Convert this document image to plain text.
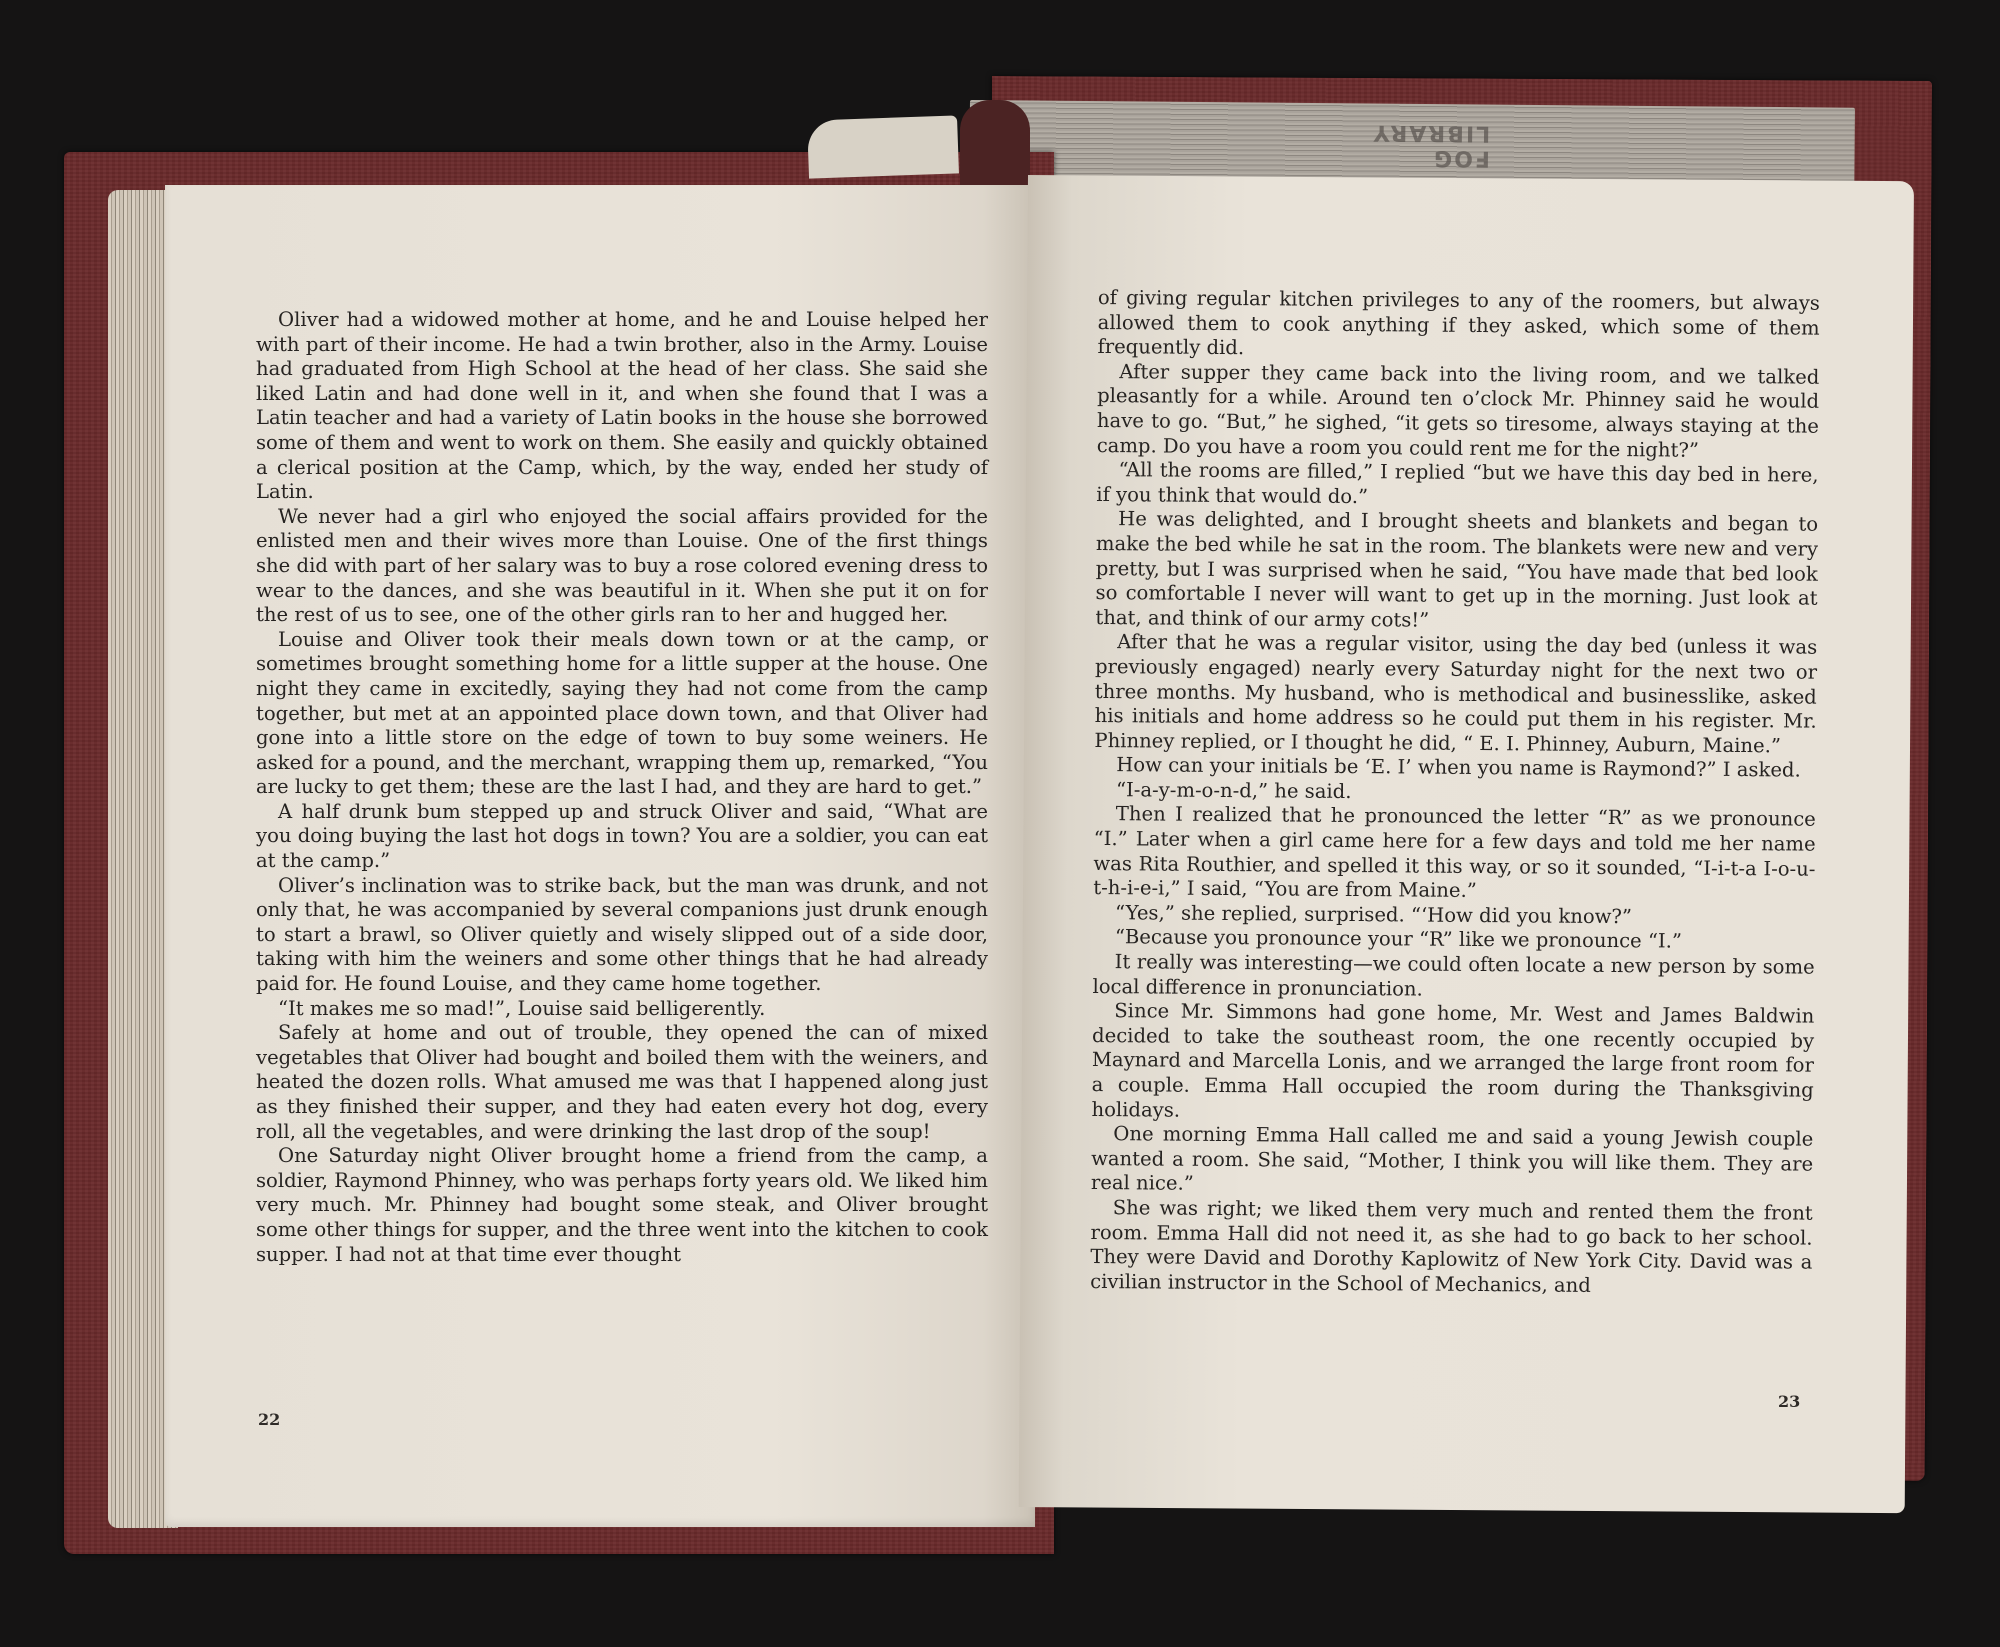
FOG LIBRARY

Oliver had a widowed mother at home, and he and Louise helped her with part of their income. He had a twin brother, also in the Army. Louise had graduated from High School at the head of her class. She said she liked Latin and had done well in it, and when she found that I was a Latin teacher and had a variety of Latin books in the house she borrowed some of them and went to work on them. She easily and quickly obtained a clerical position at the Camp, which, by the way, ended her study of Latin.

We never had a girl who enjoyed the social affairs provided for the enlisted men and their wives more than Louise. One of the first things she did with part of her salary was to buy a rose colored evening dress to wear to the dances, and she was beautiful in it. When she put it on for the rest of us to see, one of the other girls ran to her and hugged her.

Louise and Oliver took their meals down town or at the camp, or sometimes brought something home for a little supper at the house. One night they came in excitedly, saying they had not come from the camp together, but met at an appointed place down town, and that Oliver had gone into a little store on the edge of town to buy some weiners. He asked for a pound, and the merchant, wrapping them up, remarked, “You are lucky to get them; these are the last I had, and they are hard to get.”

A half drunk bum stepped up and struck Oliver and said, “What are you doing buying the last hot dogs in town? You are a soldier, you can eat at the camp.”

Oliver’s inclination was to strike back, but the man was drunk, and not only that, he was accompanied by several companions just drunk enough to start a brawl, so Oliver quietly and wisely slipped out of a side door, taking with him the weiners and some other things that he had already paid for. He found Louise, and they came home together.

“It makes me so mad!”, Louise said belligerently.

Safely at home and out of trouble, they opened the can of mixed vegetables that Oliver had bought and boiled them with the weiners, and heated the dozen rolls. What amused me was that I happened along just as they finished their supper, and they had eaten every hot dog, every roll, all the vegetables, and were drinking the last drop of the soup!

One Saturday night Oliver brought home a friend from the camp, a soldier, Raymond Phinney, who was perhaps forty years old. We liked him very much. Mr. Phinney had bought some steak, and Oliver brought some other things for supper, and the three went into the kitchen to cook supper. I had not at that time ever thought

22

of giving regular kitchen privileges to any of the roomers, but always allowed them to cook anything if they asked, which some of them frequently did.

After supper they came back into the living room, and we talked pleasantly for a while. Around ten o’clock Mr. Phinney said he would have to go. “But,” he sighed, “it gets so tiresome, always staying at the camp. Do you have a room you could rent me for the night?”

“All the rooms are filled,” I replied “but we have this day bed in here, if you think that would do.”

He was delighted, and I brought sheets and blankets and began to make the bed while he sat in the room. The blankets were new and very pretty, but I was surprised when he said, “You have made that bed look so comfortable I never will want to get up in the morning. Just look at that, and think of our army cots!”

After that he was a regular visitor, using the day bed (unless it was previously engaged) nearly every Saturday night for the next two or three months. My husband, who is methodical and businesslike, asked his initials and home address so he could put them in his register. Mr. Phinney replied, or I thought he did, “ E. I. Phinney, Auburn, Maine.”

How can your initials be ‘E. I’ when you name is Raymond?” I asked.

“I-a-y-m-o-n-d,” he said.

Then I realized that he pronounced the letter “R” as we pronounce “I.” Later when a girl came here for a few days and told me her name was Rita Routhier, and spelled it this way, or so it sounded, “I-i-t-a I-o-u-t-h-i-e-i,” I said, “You are from Maine.”

“Yes,” she replied, surprised. “‘How did you know?”

“Because you pronounce your “R” like we pronounce “I.”

It really was interesting—we could often locate a new person by some local difference in pronunciation.

Since Mr. Simmons had gone home, Mr. West and James Baldwin decided to take the southeast room, the one recently occupied by Maynard and Marcella Lonis, and we arranged the large front room for a couple. Emma Hall occupied the room during the Thanksgiving holidays.

One morning Emma Hall called me and said a young Jewish couple wanted a room. She said, “Mother, I think you will like them. They are real nice.”

She was right; we liked them very much and rented them the front room. Emma Hall did not need it, as she had to go back to her school. They were David and Dorothy Kaplowitz of New York City. David was a civilian instructor in the School of Mechanics, and

23
